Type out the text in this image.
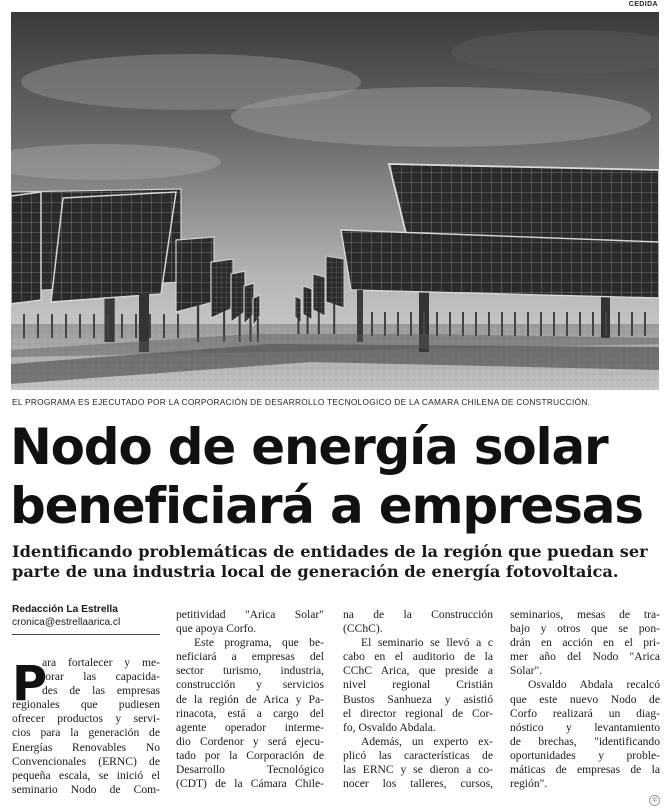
CEDIDA
EL PROGRAMA ES EJECUTADO POR LA CORPORACIÓN DE DESARROLLO TECNOLOGICO DE LA CAMARA CHILENA DE CONSTRUCCIÓN.
Nodo de energía solar
beneficiará a empresas

Identificando problemáticas de entidades de la región que puedan ser
parte de una industria local de generación de energía fotovoltaica.

Redacción La Estrella
cronica@estrellaarica.cl
P

ara fortalecer y me-
jorar las capacida-
des de las empresas
regionales que pudiesen
ofrecer productos y servi-
cios para la generación de
Energías Renovables No
Convencionales (ERNC) de
pequeña escala, se inició el
seminario Nodo de Com-

petitividad "Arica Solar"
que apoya Corfo.

Este programa, que be-
neficiará a empresas del
sector turismo, industria,
construcción y servicios
de la región de Arica y Pa-
rinacota, está a cargo del
agente operador interme-
dio Cordenor y será ejecu-
tado por la Corporación de
Desarrollo Tecnológico
(CDT) de la Cámara Chile-

na de la Construcción
(CChC).

El seminario se llevó a c
cabo en el auditorio de la
CChC Arica, que preside a
nivel regional Cristián
Bustos Sanhueza y asistió
el director regional de Cor-
fo, Osvaldo Abdala.

Además, un experto ex-
plicó las características de
las ERNC y se dieron a co-
nocer los talleres, cursos,

seminarios, mesas de tra-
bajo y otros que se pon-
drán en acción en el pri-
mer año del Nodo "Arica
Solar".

Osvaldo Abdala recalcó
que este nuevo Nodo de
Corfo realizará un diag-
nóstico y levantamiento
de brechas, "identificando
oportunidades y proble-
máticas de empresas de la
región".

✲
